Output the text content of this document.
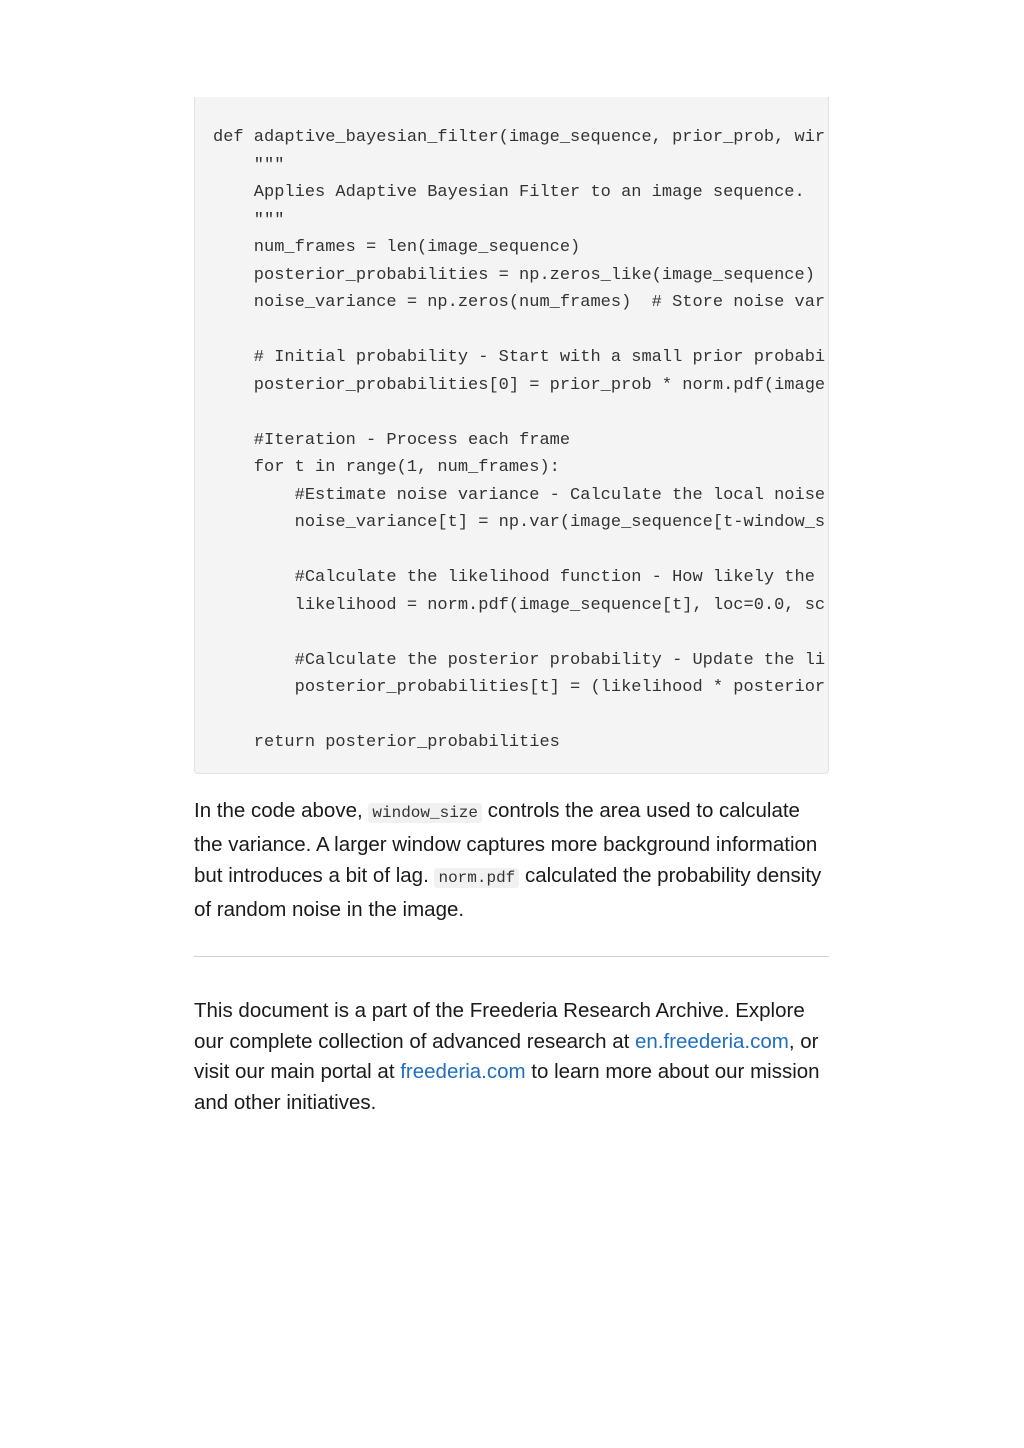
def adaptive_bayesian_filter(image_sequence, prior_prob, wir
"""
Applies Adaptive Bayesian Filter to an image sequence.
"""
num_frames = len(image_sequence)
posterior_probabilities = np.zeros_like(image_sequence)
noise_variance = np.zeros(num_frames)  # Store noise var
# Initial probability - Start with a small prior probabi
posterior_probabilities[0] = prior_prob * norm.pdf(image
#Iteration - Process each frame
for t in range(1, num_frames):
#Estimate noise variance - Calculate the local noise
noise_variance[t] = np.var(image_sequence[t-window_s
#Calculate the likelihood function - How likely the
likelihood = norm.pdf(image_sequence[t], loc=0.0, sc
#Calculate the posterior probability - Update the li
posterior_probabilities[t] = (likelihood * posterior
return posterior_probabilities

In the code above, window_size controls the area used to calculate the variance. A larger window captures more background information but introduces a bit of lag. norm.pdf calculated the probability density of random noise in the image.

This document is a part of the Freederia Research Archive. Explore our complete collection of advanced research at en.freederia.com, or visit our main portal at freederia.com to learn more about our mission and other initiatives.
